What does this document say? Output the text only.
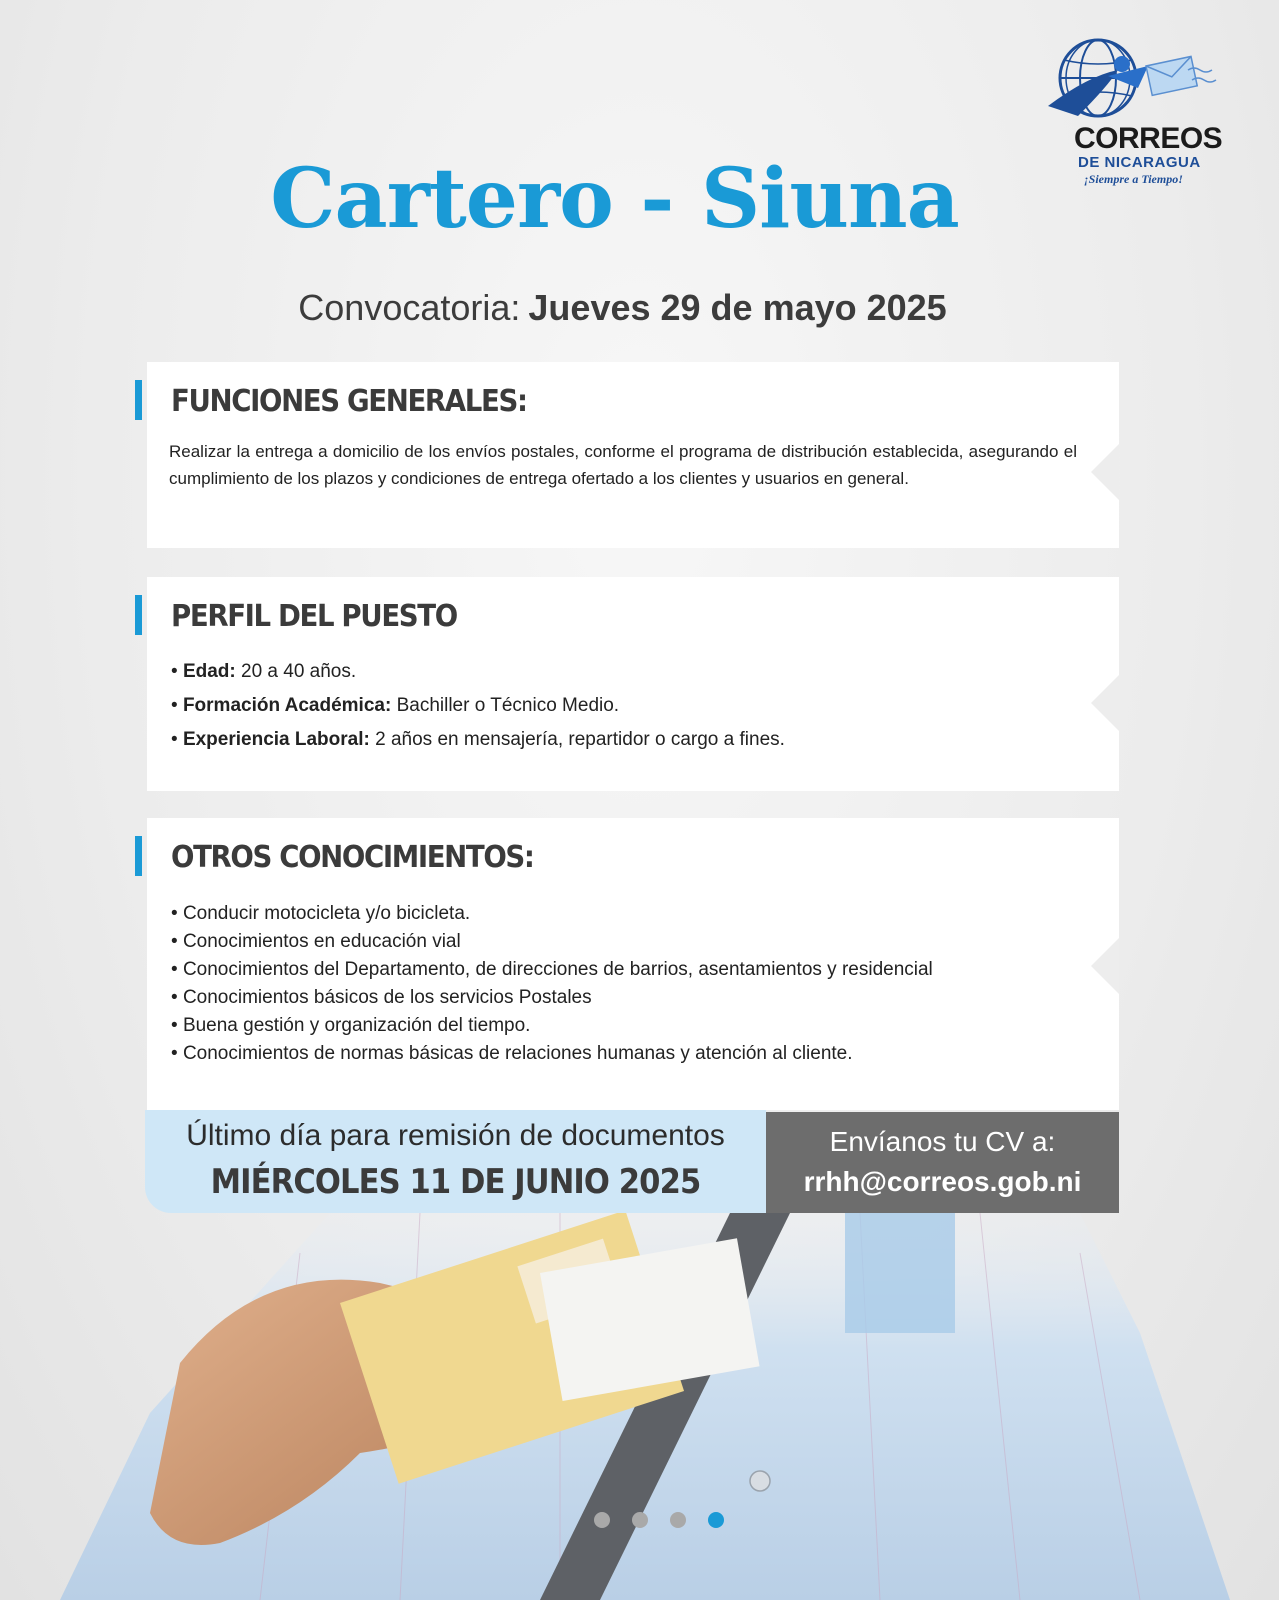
CORREOS
DE NICARAGUA
¡Siempre a Tiempo!
Cartero - Siuna
Convocatoria: Jueves 29 de mayo 2025
FUNCIONES GENERALES:
Realizar la entrega a domicilio de los envíos postales, conforme el programa de distribución establecida, asegurando el cumplimiento de los plazos y condiciones de entrega ofertado a los clientes y usuarios en general.
PERFIL DEL PUESTO
• Edad: 20 a 40 años.
• Formación Académica: Bachiller o Técnico Medio.
• Experiencia Laboral: 2 años en mensajería, repartidor o cargo a fines.
OTROS CONOCIMIENTOS:
• Conducir motocicleta y/o bicicleta.
• Conocimientos en educación vial
• Conocimientos del Departamento, de direcciones de barrios, asentamientos y residencial
• Conocimientos básicos de los servicios Postales
• Buena gestión y organización del tiempo.
• Conocimientos de normas básicas de relaciones humanas y atención al cliente.
Último día para remisión de documentos
MIÉRCOLES 11 DE JUNIO 2025
Envíanos tu CV a:
rrhh@correos.gob.ni
